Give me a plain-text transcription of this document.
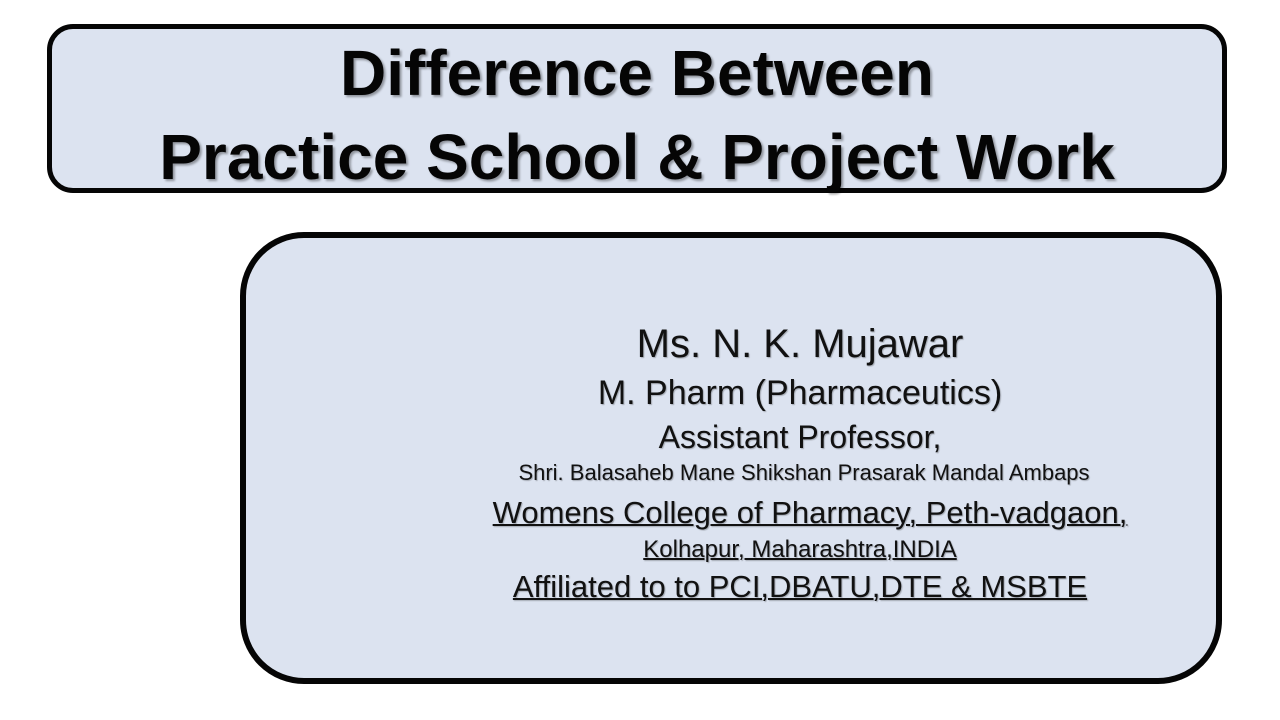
Difference Between
Practice School & Project Work
Ms. N. K. Mujawar
M. Pharm (Pharmaceutics)
Assistant Professor,
Shri. Balasaheb Mane Shikshan Prasarak Mandal Ambaps
Womens College of Pharmacy, Peth-vadgaon,
Kolhapur, Maharashtra,INDIA
Affiliated to to PCI,DBATU,DTE & MSBTE
